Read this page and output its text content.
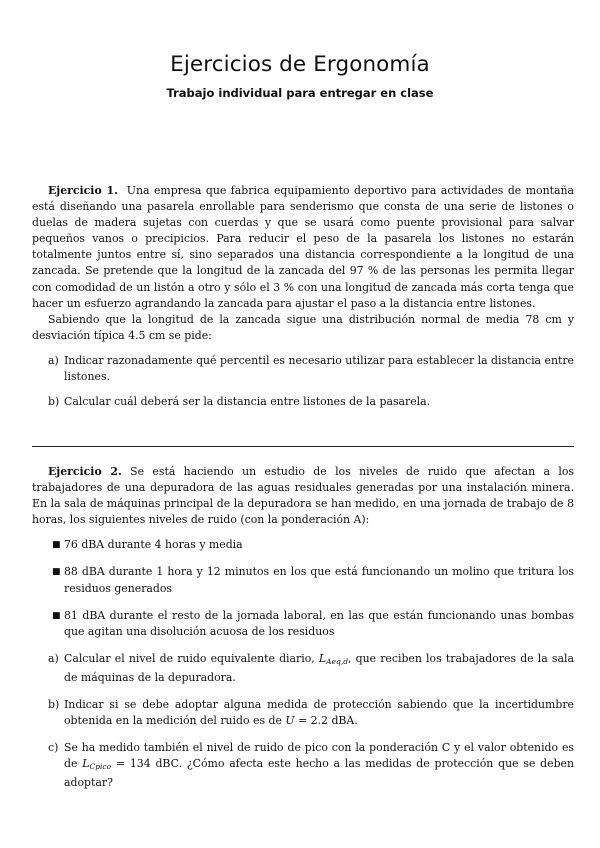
Ejercicios de Ergonomía
Trabajo individual para entregar en clase

Ejercicio 1. Una empresa que fabrica equipamiento deportivo para actividades de montaña está diseñando una pasarela enrollable para senderismo que consta de una serie de listones o duelas de madera sujetas con cuerdas y que se usará como puente provisional para salvar pequeños vanos o precipicios. Para reducir el peso de la pasarela los listones no estarán totalmente juntos entre sí, sino separados una distancia correspondiente a la longitud de una zancada. Se pretende que la longitud de la zancada del 97 % de las personas les permita llegar con comodidad de un listón a otro y sólo el 3 % con una longitud de zancada más corta tenga que hacer un esfuerzo agrandando la zancada para ajustar el paso a la distancia entre listones.

Sabiendo que la longitud de la zancada sigue una distribución normal de media 78 cm y desviación típica 4.5 cm se pide:

a) Indicar razonadamente qué percentil es necesario utilizar para establecer la distancia entre listones.
b) Calcular cuál deberá ser la distancia entre listones de la pasarela.

Ejercicio 2. Se está haciendo un estudio de los niveles de ruido que afectan a los trabajadores de una depuradora de las aguas residuales generadas por una instalación minera. En la sala de máquinas principal de la depuradora se han medido, en una jornada de trabajo de 8 horas, los siguientes niveles de ruido (con la ponderación A):

■ 76 dBA durante 4 horas y media
■ 88 dBA durante 1 hora y 12 minutos en los que está funcionando un molino que tritura los residuos generados
■ 81 dBA durante el resto de la jornada laboral, en las que están funcionando unas bombas que agitan una disolución acuosa de los residuos
a) Calcular el nivel de ruido equivalente diario, $L_{Aeq,d}$, que reciben los trabajadores de la sala de máquinas de la depuradora.
b) Indicar si se debe adoptar alguna medida de protección sabiendo que la incertidumbre obtenida en la medición del ruido es de U = 2.2 dBA.
c) Se ha medido también el nivel de ruido de pico con la ponderación C y el valor obtenido es de $L_{Cpico} = 134$ dBC. ¿Cómo afecta este hecho a las medidas de protección que se deben adoptar?
